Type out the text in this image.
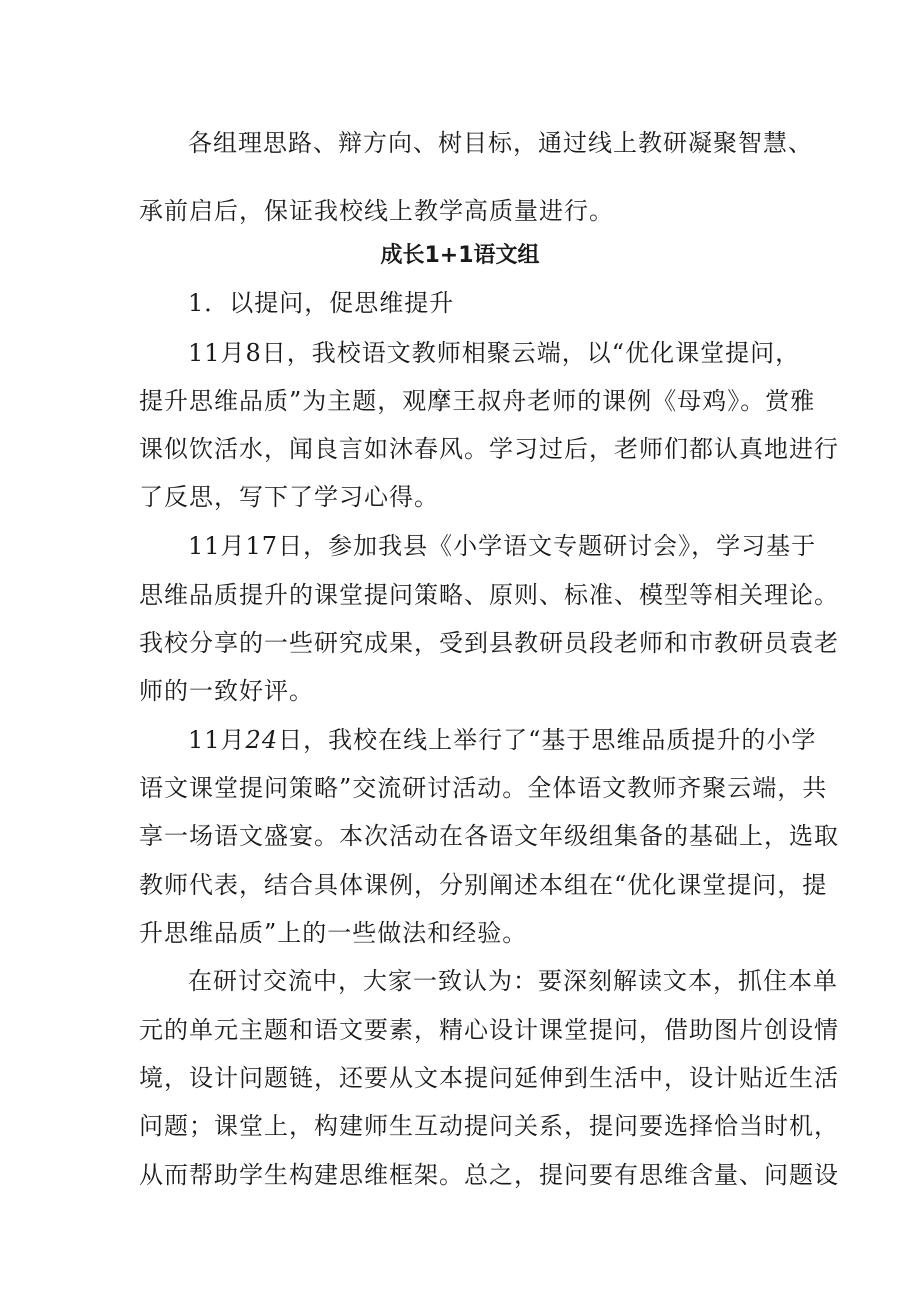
各组理思路、辩方向、树目标，通过线上教研凝聚智慧、
承前启后，保证我校线上教学高质量进行。
成长1+1语文组
1．以提问，促思维提升
11月8日，我校语文教师相聚云端，以“优化课堂提问，
提升思维品质”为主题，观摩王叔舟老师的课例《母鸡》。赏雅
课似饮活水，闻良言如沐春风。学习过后，老师们都认真地进行
了反思，写下了学习心得。
11月17日，参加我县《小学语文专题研讨会》，学习基于
思维品质提升的课堂提问策略、原则、标准、模型等相关理论。
我校分享的一些研究成果，受到县教研员段老师和市教研员袁老
师的一致好评。
11月24日，我校在线上举行了“基于思维品质提升的小学
语文课堂提问策略”交流研讨活动。全体语文教师齐聚云端，共
享一场语文盛宴。本次活动在各语文年级组集备的基础上，选取
教师代表，结合具体课例，分别阐述本组在“优化课堂提问，提
升思维品质”上的一些做法和经验。
在研讨交流中，大家一致认为：要深刻解读文本，抓住本单
元的单元主题和语文要素，精心设计课堂提问，借助图片创设情
境，设计问题链，还要从文本提问延伸到生活中，设计贴近生活
问题；课堂上，构建师生互动提问关系，提问要选择恰当时机，
从而帮助学生构建思维框架。总之，提问要有思维含量、问题设
